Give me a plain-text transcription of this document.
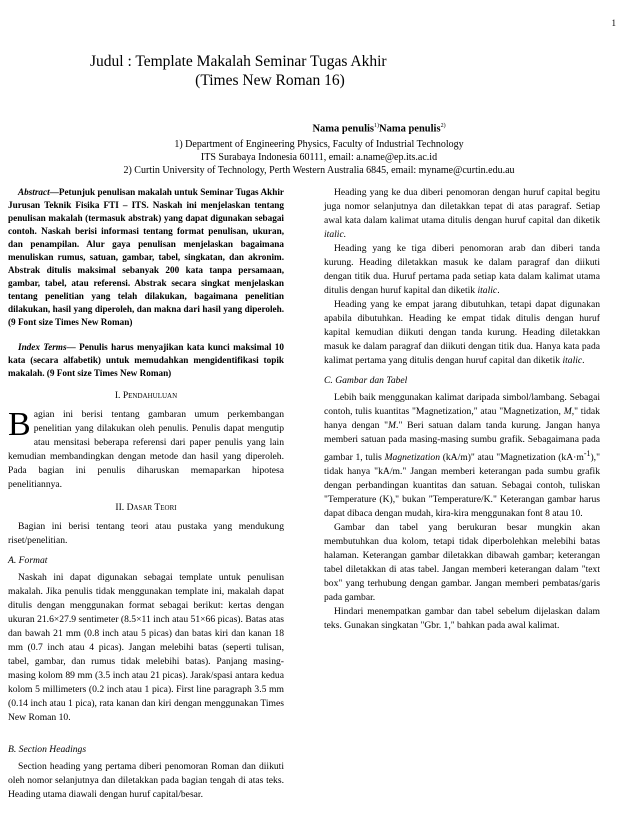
1
Judul : Template Makalah Seminar Tugas Akhir
(Times New Roman 16)
Nama penulis$^{1)}$Nama penulis$^{2)}$
1) Department of Engineering Physics, Faculty of Industrial Technology
ITS Surabaya Indonesia 60111, email: a.name@ep.its.ac.id
2) Curtin University of Technology, Perth Western Australia 6845, email: myname@curtin.edu.au

Abstract—Petunjuk penulisan makalah untuk Seminar Tugas Akhir Jurusan Teknik Fisika FTI – ITS. Naskah ini menjelaskan tentang penulisan makalah (termasuk abstrak) yang dapat digunakan sebagai contoh. Naskah berisi informasi tentang format penulisan, ukuran, dan penampilan. Alur gaya penulisan menjelaskan bagaimana menuliskan rumus, satuan, gambar, tabel, singkatan, dan akronim. Abstrak ditulis maksimal sebanyak 200 kata tanpa persamaan, gambar, tabel, atau referensi. Abstrak secara singkat menjelaskan tentang penelitian yang telah dilakukan, bagaimana penelitian dilakukan, hasil yang diperoleh, dan makna dari hasil yang diperoleh. (9 Font size Times New Roman)

Index Terms— Penulis harus menyajikan kata kunci maksimal 10 kata (secara alfabetik) untuk memudahkan mengidentifikasi topik makalah. (9 Font size Times New Roman)

I. Pendahuluan

Bagian ini berisi tentang gambaran umum perkembangan penelitian yang dilakukan oleh penulis. Penulis dapat mengutip atau mensitasi beberapa referensi dari paper penulis yang lain kemudian membandingkan dengan metode dan hasil yang diperoleh. Pada bagian ini penulis diharuskan memaparkan hipotesa penelitiannya.

II. Dasar Teori

Bagian ini berisi tentang teori atau pustaka yang mendukung riset/penelitian.

A. Format

Naskah ini dapat digunakan sebagai template untuk penulisan makalah. Jika penulis tidak menggunakan template ini, makalah dapat ditulis dengan menggunakan format sebagai berikut: kertas dengan ukuran 21.6×27.9 sentimeter (8.5×11 inch atau 51×66 picas). Batas atas dan bawah 21 mm (0.8 inch atau 5 picas) dan batas kiri dan kanan 18 mm (0.7 inch atau 4 picas). Jangan melebihi batas (seperti tulisan, tabel, gambar, dan rumus tidak melebihi batas). Panjang masing-masing kolom 89 mm (3.5 inch atau 21 picas). Jarak/spasi antara kedua kolom 5 millimeters (0.2 inch atau 1 pica). First line paragraph 3.5 mm (0.14 inch atau 1 pica), rata kanan dan kiri dengan menggunakan Times New Roman 10.

B. Section Headings

Section heading yang pertama diberi penomoran Roman dan diikuti oleh nomor selanjutnya dan diletakkan pada bagian tengah di atas teks. Heading utama diawali dengan huruf capital/besar.

Heading yang ke dua diberi penomoran dengan huruf capital begitu juga nomor selanjutnya dan diletakkan tepat di atas paragraf. Setiap awal kata dalam kalimat utama ditulis dengan huruf capital dan diketik italic.

Heading yang ke tiga diberi penomoran arab dan diberi tanda kurung. Heading diletakkan masuk ke dalam paragraf dan diikuti dengan titik dua. Huruf pertama pada setiap kata dalam kalimat utama ditulis dengan huruf kapital dan diketik italic.

Heading yang ke empat jarang dibutuhkan, tetapi dapat digunakan apabila dibutuhkan. Heading ke empat tidak ditulis dengan huruf kapital kemudian diikuti dengan tanda kurung. Heading diletakkan masuk ke dalam paragraf dan diikuti dengan titik dua. Hanya kata pada kalimat pertama yang ditulis dengan huruf capital dan diketik italic.

C. Gambar dan Tabel

Lebih baik menggunakan kalimat daripada simbol/lambang. Sebagai contoh, tulis kuantitas "Magnetization," atau "Magnetization, M," tidak hanya dengan "M." Beri satuan dalam tanda kurung. Jangan hanya memberi satuan pada masing-masing sumbu grafik. Sebagaimana pada gambar 1, tulis Magnetization (kA/m)" atau "Magnetization $(kA\cdot m^{-1})$," tidak hanya "kA/m." Jangan memberi keterangan pada sumbu grafik dengan perbandingan kuantitas dan satuan. Sebagai contoh, tuliskan "Temperature (K)," bukan "Temperature/K." Keterangan gambar harus dapat dibaca dengan mudah, kira-kira menggunakan font 8 atau 10.

Gambar dan tabel yang berukuran besar mungkin akan membutuhkan dua kolom, tetapi tidak diperbolehkan melebihi batas halaman. Keterangan gambar diletakkan dibawah gambar; keterangan tabel diletakkan di atas tabel. Jangan memberi keterangan dalam "text box" yang terhubung dengan gambar. Jangan memberi pembatas/garis pada gambar.

Hindari menempatkan gambar dan tabel sebelum dijelaskan dalam teks. Gunakan singkatan "Gbr. 1," bahkan pada awal kalimat.
